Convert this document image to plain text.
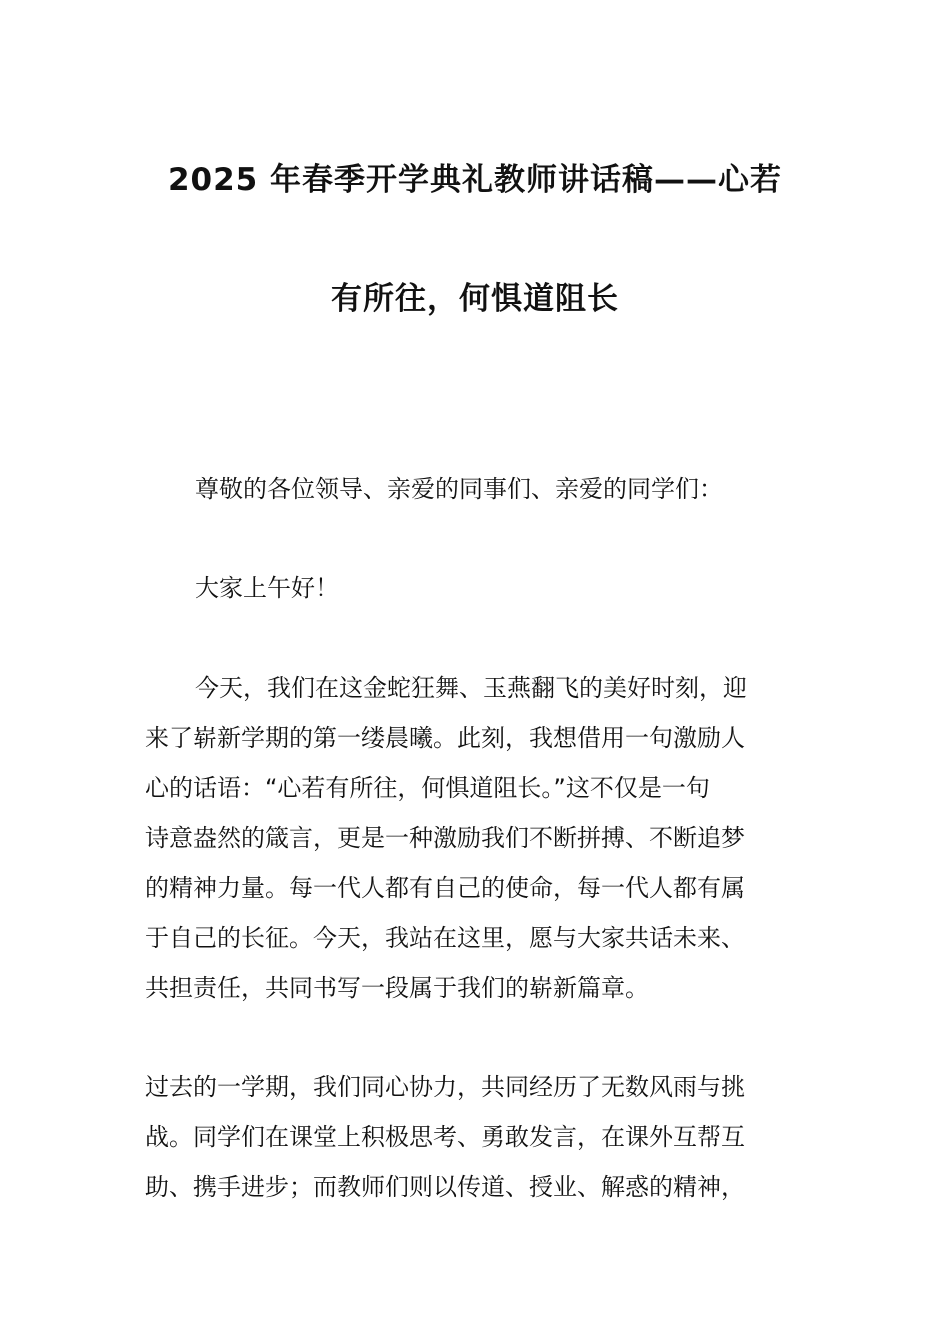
2025 年春季开学典礼教师讲话稿——心若
有所往，何惧道阻长
尊敬的各位领导、亲爱的同事们、亲爱的同学们：
大家上午好！
今天，我们在这金蛇狂舞、玉燕翻飞的美好时刻，迎
来了崭新学期的第一缕晨曦。此刻，我想借用一句激励人
心的话语：“心若有所往，何惧道阻长。”这不仅是一句
诗意盎然的箴言，更是一种激励我们不断拼搏、不断追梦
的精神力量。每一代人都有自己的使命，每一代人都有属
于自己的长征。今天，我站在这里，愿与大家共话未来、
共担责任，共同书写一段属于我们的崭新篇章。
过去的一学期，我们同心协力，共同经历了无数风雨与挑
战。同学们在课堂上积极思考、勇敢发言，在课外互帮互
助、携手进步；而教师们则以传道、授业、解惑的精神，
